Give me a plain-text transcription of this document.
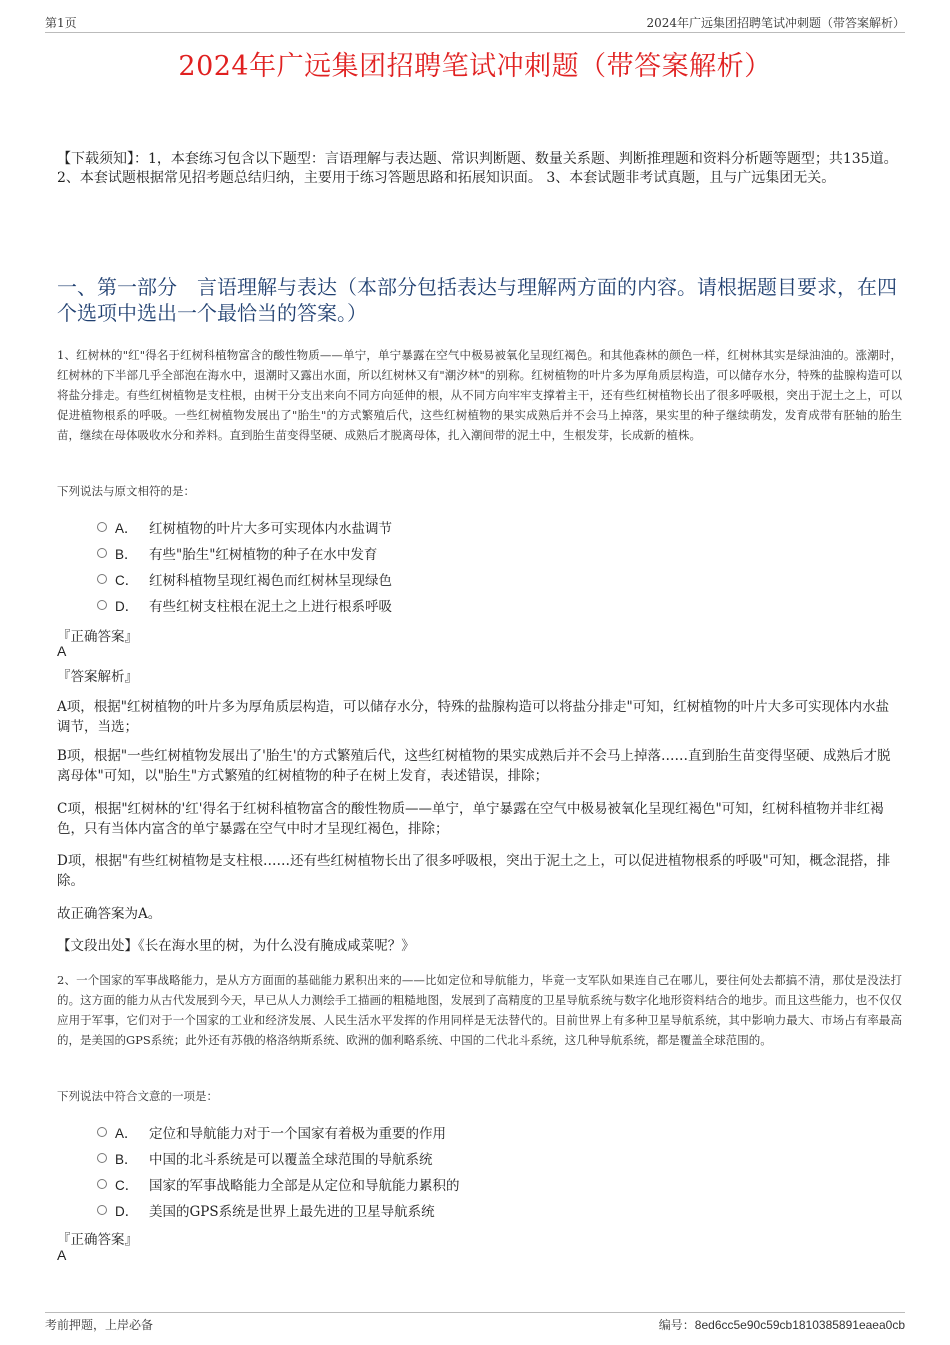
第1页	2024年广远集团招聘笔试冲刺题（带答案解析）
2024年广远集团招聘笔试冲刺题（带答案解析）
【下载须知】：1，本套练习包含以下题型：言语理解与表达题、常识判断题、数量关系题、判断推理题和资料分析题等题型；共135道。 2、本套试题根据常见招考题总结归纳，主要用于练习答题思路和拓展知识面。 3、本套试题非考试真题，且与广远集团无关。
一、第一部分　言语理解与表达（本部分包括表达与理解两方面的内容。请根据题目要求，在四个选项中选出一个最恰当的答案。）
1、红树林的"红"得名于红树科植物富含的酸性物质——单宁，单宁暴露在空气中极易被氧化呈现红褐色。和其他森林的颜色一样，红树林其实是绿油油的。涨潮时，红树林的下半部几乎全部泡在海水中，退潮时又露出水面，所以红树林又有"潮汐林"的别称。红树植物的叶片多为厚角质层构造，可以储存水分，特殊的盐腺构造可以将盐分排走。有些红树植物是支柱根，由树干分支出来向不同方向延伸的根，从不同方向牢牢支撑着主干，还有些红树植物长出了很多呼吸根，突出于泥土之上，可以促进植物根系的呼吸。一些红树植物发展出了"胎生"的方式繁殖后代，这些红树植物的果实成熟后并不会马上掉落，果实里的种子继续萌发，发育成带有胚轴的胎生苗，继续在母体吸收水分和养料。直到胎生苗变得坚硬、成熟后才脱离母体，扎入潮间带的泥土中，生根发芽，长成新的植株。
下列说法与原文相符的是：
A． 红树植物的叶片大多可实现体内水盐调节
B． 有些"胎生"红树植物的种子在水中发育
C． 红树科植物呈现红褐色而红树林呈现绿色
D． 有些红树支柱根在泥土之上进行根系呼吸
『正确答案』
A
『答案解析』
A项，根据"红树植物的叶片多为厚角质层构造，可以储存水分，特殊的盐腺构造可以将盐分排走"可知，红树植物的叶片大多可实现体内水盐调节，当选；
B项，根据"一些红树植物发展出了'胎生'的方式繁殖后代，这些红树植物的果实成熟后并不会马上掉落……直到胎生苗变得坚硬、成熟后才脱离母体"可知，以"胎生"方式繁殖的红树植物的种子在树上发育，表述错误，排除；
C项，根据"红树林的'红'得名于红树科植物富含的酸性物质——单宁，单宁暴露在空气中极易被氧化呈现红褐色"可知，红树科植物并非红褐色，只有当体内富含的单宁暴露在空气中时才呈现红褐色，排除；
D项，根据"有些红树植物是支柱根……还有些红树植物长出了很多呼吸根，突出于泥土之上，可以促进植物根系的呼吸"可知，概念混搭，排除。
故正确答案为A。
【文段出处】《长在海水里的树，为什么没有腌成咸菜呢？》
2、一个国家的军事战略能力，是从方方面面的基础能力累积出来的——比如定位和导航能力，毕竟一支军队如果连自己在哪儿，要往何处去都搞不清，那仗是没法打的。这方面的能力从古代发展到今天，早已从人力测绘手工描画的粗糙地图，发展到了高精度的卫星导航系统与数字化地形资料结合的地步。而且这些能力，也不仅仅应用于军事，它们对于一个国家的工业和经济发展、人民生活水平发挥的作用同样是无法替代的。目前世界上有多种卫星导航系统，其中影响力最大、市场占有率最高的，是美国的GPS系统；此外还有苏俄的格洛纳斯系统、欧洲的伽利略系统、中国的二代北斗系统，这几种导航系统，都是覆盖全球范围的。
下列说法中符合文意的一项是：
A． 定位和导航能力对于一个国家有着极为重要的作用
B． 中国的北斗系统是可以覆盖全球范围的导航系统
C． 国家的军事战略能力全部是从定位和导航能力累积的
D． 美国的GPS系统是世界上最先进的卫星导航系统
『正确答案』
A
考前押题，上岸必备	编号：8ed6cc5e90c59cb1810385891eaea0cb
